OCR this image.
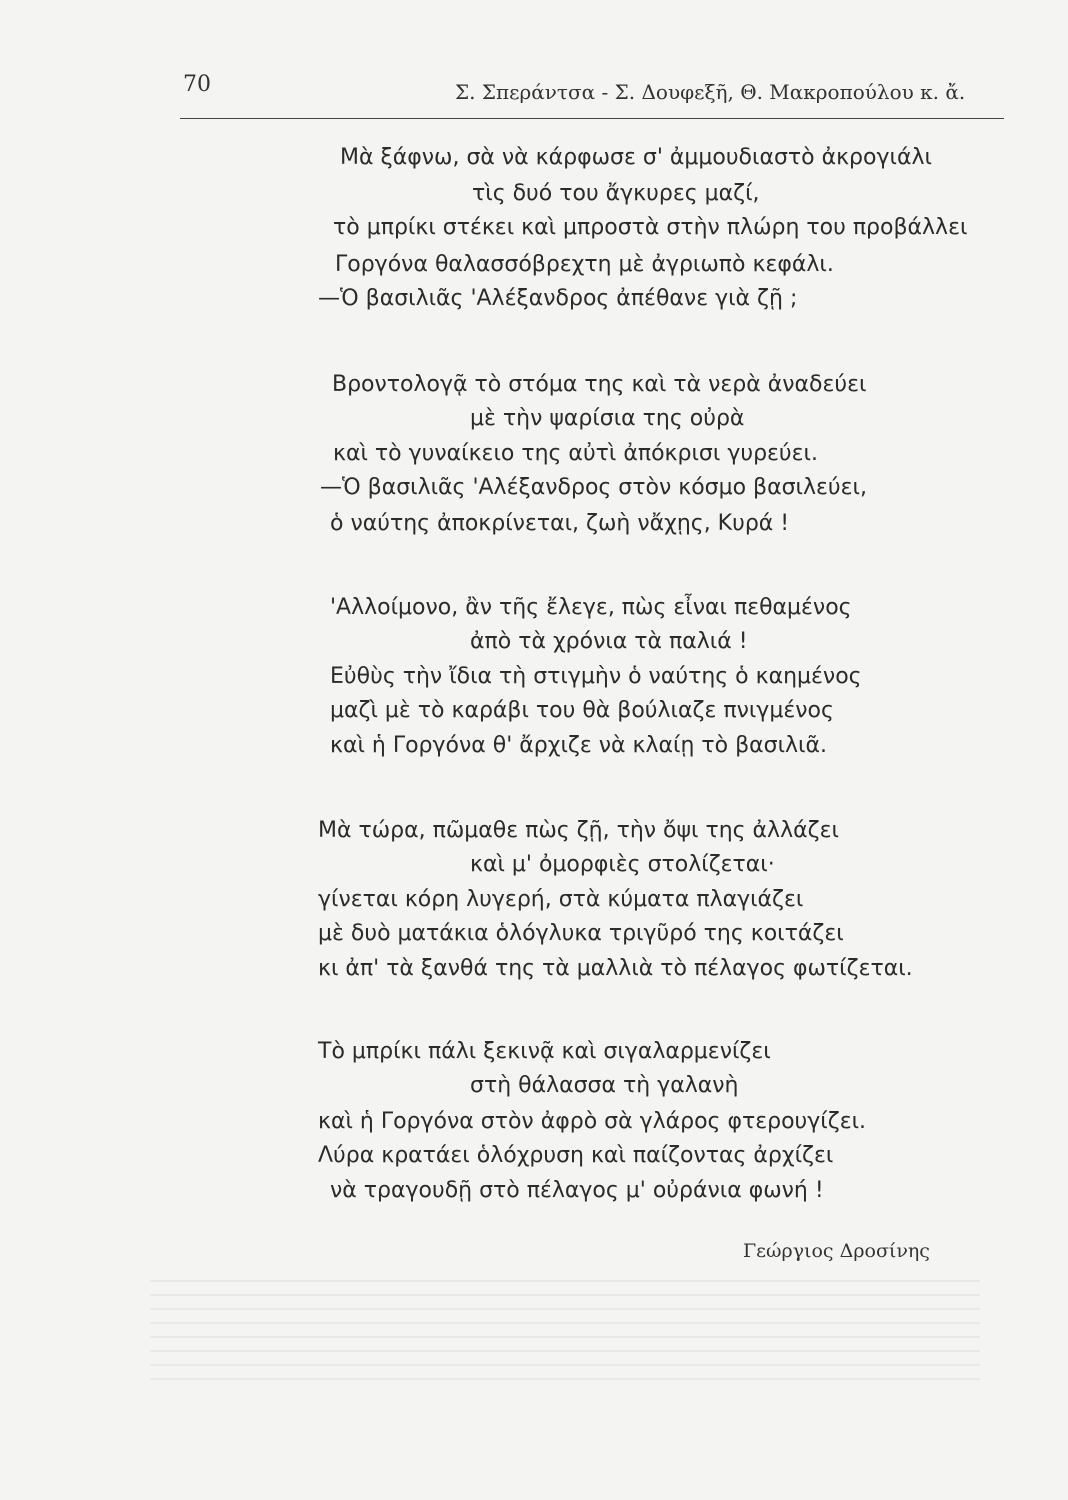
70	Σ. Σπεράντσα - Σ. Δουφεξῆ, Θ. Μακροπούλου κ. ἄ.
Μὰ ξάφνω, σὰ νὰ κάρφωσε σ' ἀμμουδιαστὸ ἀκρογιάλι
τὶς δυό του ἄγκυρες μαζί,
τὸ μπρίκι στέκει καὶ μπροστὰ στὴν πλώρη του προβάλλει
Γοργόνα θαλασσόβρεχτη μὲ ἀγριωπὸ κεφάλι.
—Ὁ βασιλιᾶς 'Αλέξανδρος ἀπέθανε γιὰ ζῇ ;
Βροντολογᾷ τὸ στόμα της καὶ τὰ νερὰ ἀναδεύει
μὲ τὴν ψαρίσια της οὐρὰ
καὶ τὸ γυναίκειο της αὐτὶ ἀπόκρισι γυρεύει.
—Ὁ βασιλιᾶς 'Αλέξανδρος στὸν κόσμο βασιλεύει,
ὁ ναύτης ἀποκρίνεται, ζωὴ νἄχῃς, Κυρά !
'Αλλοίμονο, ἂν τῆς ἔλεγε, πὼς εἶναι πεθαμένος
ἀπὸ τὰ χρόνια τὰ παλιά !
Εὐθὺς τὴν ἴδια τὴ στιγμὴν ὁ ναύτης ὁ καημένος
μαζὶ μὲ τὸ καράβι του θὰ βούλιαζε πνιγμένος
καὶ ἡ Γοργόνα θ' ἄρχιζε νὰ κλαίῃ τὸ βασιλιᾶ.
Μὰ τώρα, πῶμαθε πὼς ζῇ, τὴν ὄψι της ἀλλάζει
καὶ μ' ὀμορφιὲς στολίζεται·
γίνεται κόρη λυγερή, στὰ κύματα πλαγιάζει
μὲ δυὸ ματάκια ὁλόγλυκα τριγῦρό της κοιτάζει
κι ἀπ' τὰ ξανθά της τὰ μαλλιὰ τὸ πέλαγος φωτίζεται.
Τὸ μπρίκι πάλι ξεκινᾷ καὶ σιγαλαρμενίζει
στὴ θάλασσα τὴ γαλανὴ
καὶ ἡ Γοργόνα στὸν ἀφρὸ σὰ γλάρος φτερουγίζει.
Λύρα κρατάει ὁλόχρυση καὶ παίζοντας ἀρχίζει
νὰ τραγουδῇ στὸ πέλαγος μ' οὐράνια φωνή !
Γεώργιος Δροσίνης
